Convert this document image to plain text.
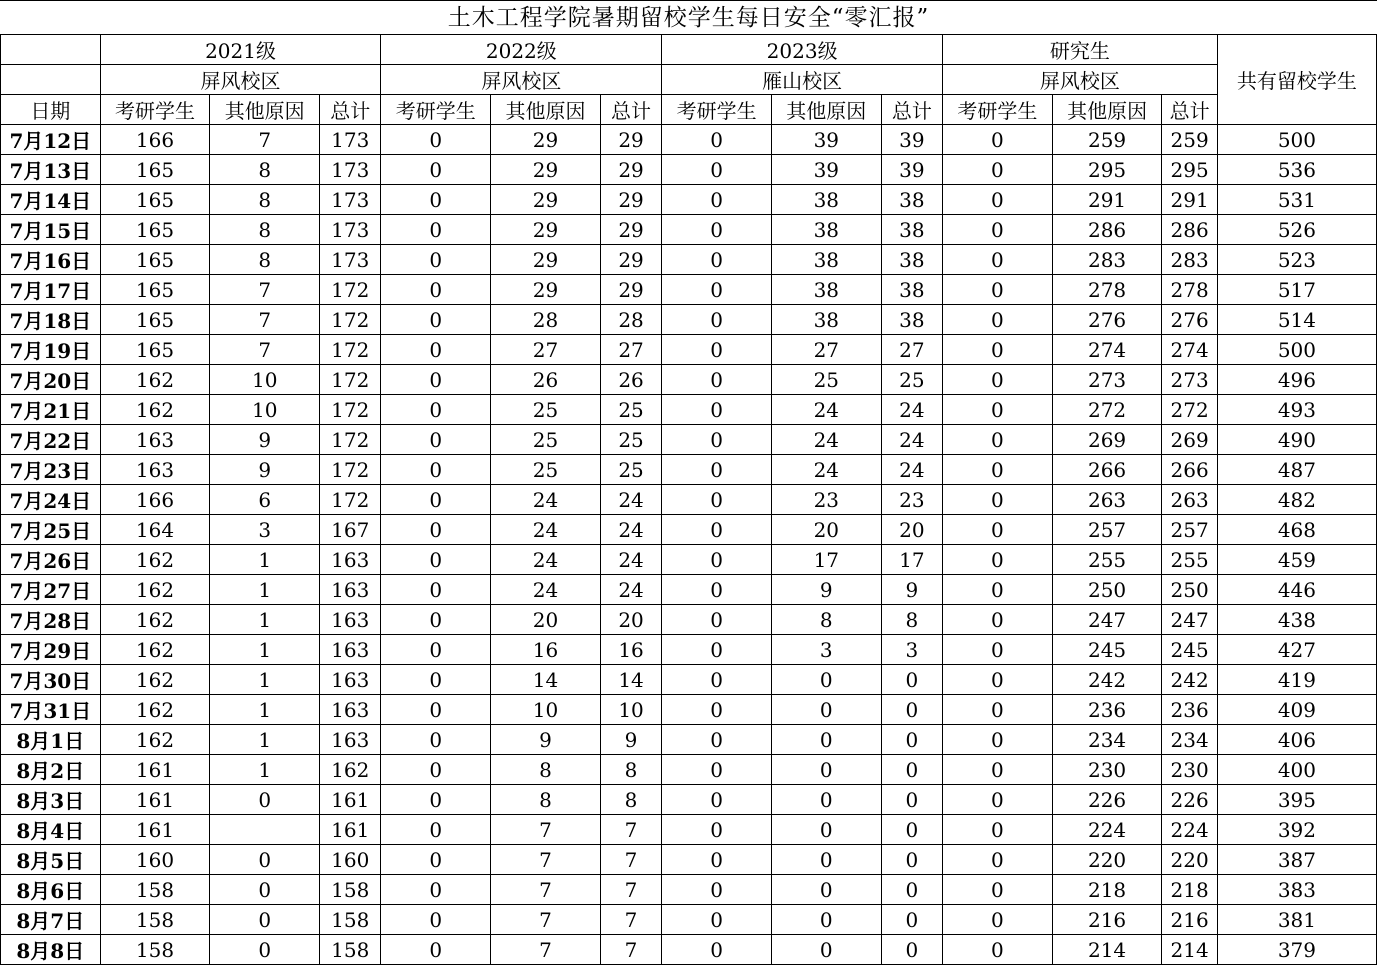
土木工程学院暑期留校学生每日安全“零汇报”
	2021级			2022级			2023级			研究生			共有留校学生
	屏风校区			屏风校区			雁山校区			屏风校区			
日期	考研学生	其他原因	总计	考研学生	其他原因	总计	考研学生	其他原因	总计	考研学生	其他原因	总计	
7月12日	166	7	173	0	29	29	0	39	39	0	259	259	500
7月13日	165	8	173	0	29	29	0	39	39	0	295	295	536
7月14日	165	8	173	0	29	29	0	38	38	0	291	291	531
7月15日	165	8	173	0	29	29	0	38	38	0	286	286	526
7月16日	165	8	173	0	29	29	0	38	38	0	283	283	523
7月17日	165	7	172	0	29	29	0	38	38	0	278	278	517
7月18日	165	7	172	0	28	28	0	38	38	0	276	276	514
7月19日	165	7	172	0	27	27	0	27	27	0	274	274	500
7月20日	162	10	172	0	26	26	0	25	25	0	273	273	496
7月21日	162	10	172	0	25	25	0	24	24	0	272	272	493
7月22日	163	9	172	0	25	25	0	24	24	0	269	269	490
7月23日	163	9	172	0	25	25	0	24	24	0	266	266	487
7月24日	166	6	172	0	24	24	0	23	23	0	263	263	482
7月25日	164	3	167	0	24	24	0	20	20	0	257	257	468
7月26日	162	1	163	0	24	24	0	17	17	0	255	255	459
7月27日	162	1	163	0	24	24	0	9	9	0	250	250	446
7月28日	162	1	163	0	20	20	0	8	8	0	247	247	438
7月29日	162	1	163	0	16	16	0	3	3	0	245	245	427
7月30日	162	1	163	0	14	14	0	0	0	0	242	242	419
7月31日	162	1	163	0	10	10	0	0	0	0	236	236	409
8月1日	162	1	163	0	9	9	0	0	0	0	234	234	406
8月2日	161	1	162	0	8	8	0	0	0	0	230	230	400
8月3日	161	0	161	0	8	8	0	0	0	0	226	226	395
8月4日	161		161	0	7	7	0	0	0	0	224	224	392
8月5日	160	0	160	0	7	7	0	0	0	0	220	220	387
8月6日	158	0	158	0	7	7	0	0	0	0	218	218	383
8月7日	158	0	158	0	7	7	0	0	0	0	216	216	381
8月8日	158	0	158	0	7	7	0	0	0	0	214	214	379
